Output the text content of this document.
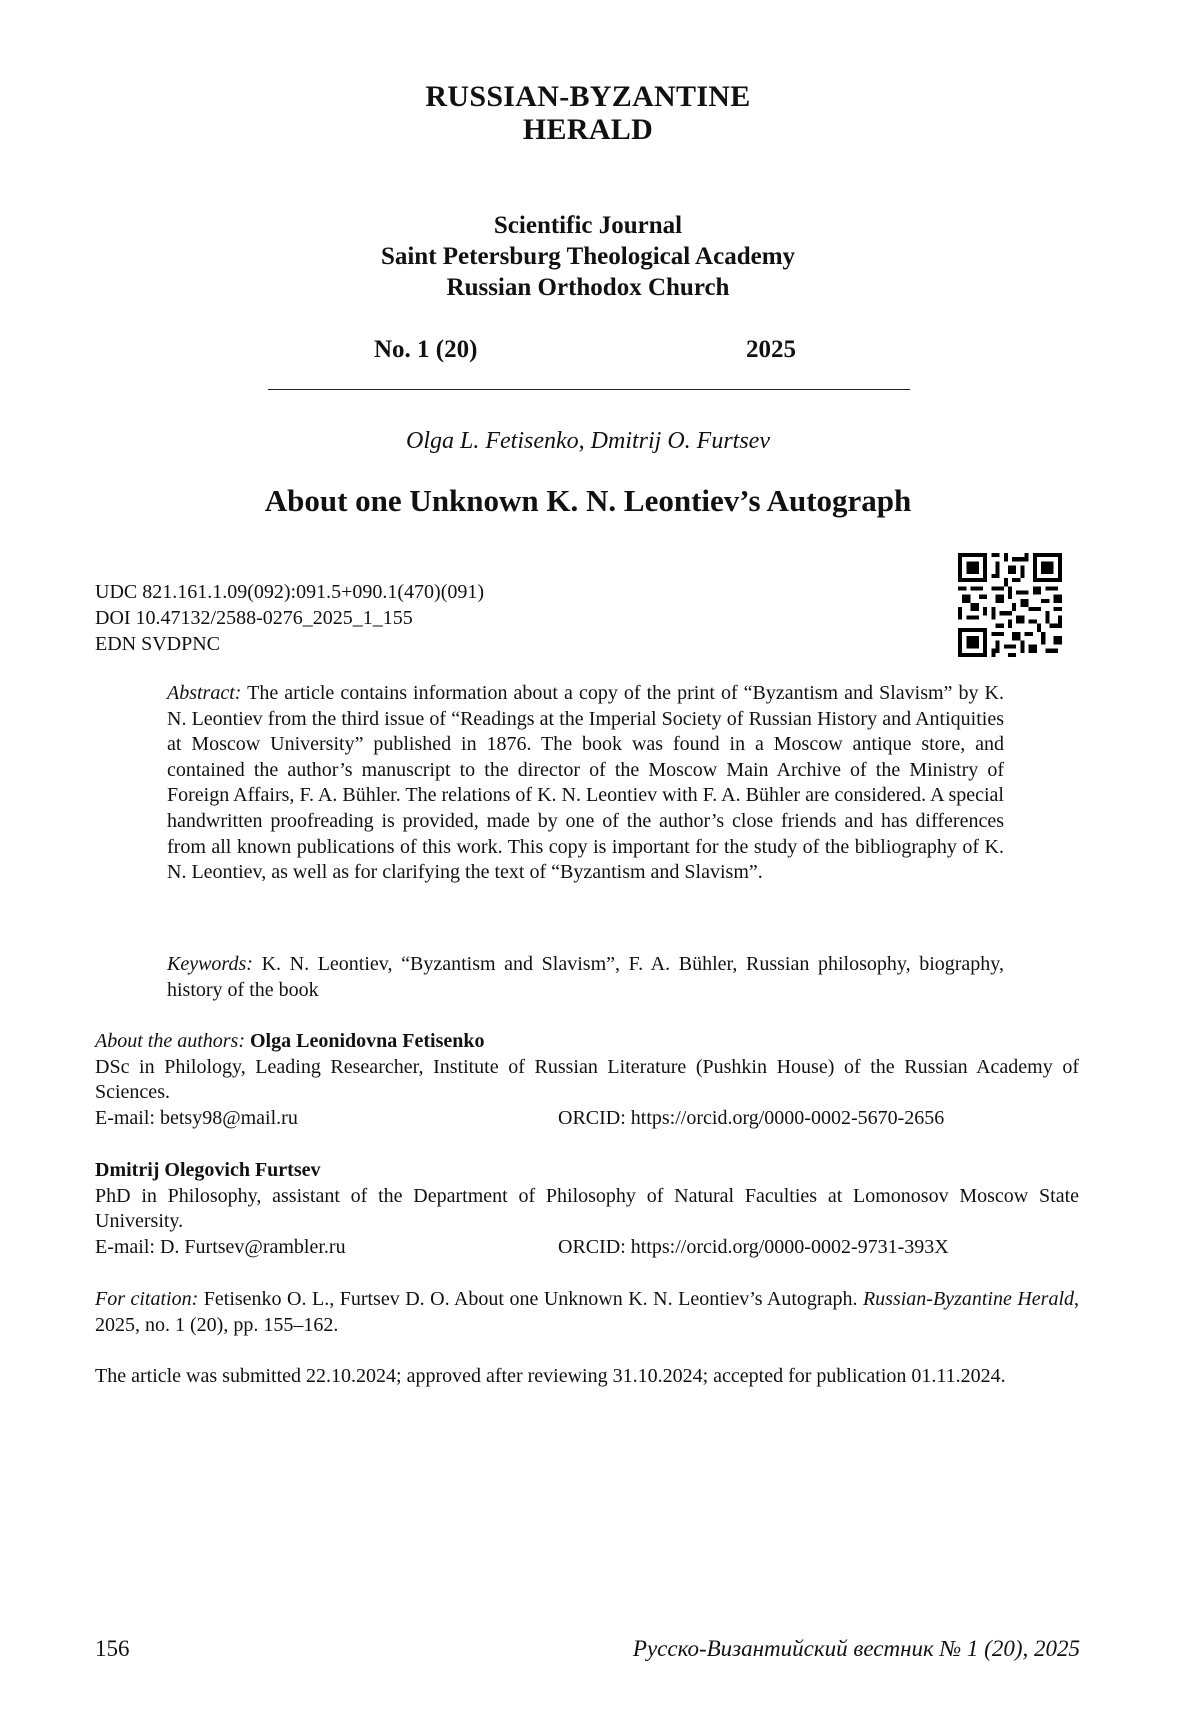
RUSSIAN-BYZANTINE
HERALD
Scientific Journal
Saint Petersburg Theological Academy
Russian Orthodox Church
No. 1 (20)	2025
Olga L. Fetisenko, Dmitrij O. Furtsev
About one Unknown K. N. Leontiev’s Autograph
UDC 821.161.1.09(092):091.5+090.1(470)(091)
DOI 10.47132/2588-0276_2025_1_155
EDN SVDPNC

Abstract: The article contains information about a copy of the print of “Byzantism and Slavism” by K. N. Leontiev from the third issue of “Readings at the Imperial Society of Russian History and Antiquities at Moscow University” published in 1876. The book was found in a Moscow antique store, and contained the author’s manuscript to the director of the Moscow Main Archive of the Ministry of Foreign Affairs, F. A. Bühler. The relations of K. N. Leontiev with F. A. Bühler are considered. A special handwritten proofreading is provided, made by one of the author’s close friends and has differences from all known publications of this work. This copy is important for the study of the bibliography of K. N. Leontiev, as well as for clarifying the text of “Byzantism and Slavism”.

Keywords: K. N. Leontiev, “Byzantism and Slavism”, F. A. Bühler, Russian philosophy, biography, history of the book

About the authors: Olga Leonidovna Fetisenko
DSc in Philology, Leading Researcher, Institute of Russian Literature (Pushkin House) of the Russian Academy of Sciences.
E-mail: betsy98@mail.ru	ORCID: https://orcid.org/0000-0002-5670-2656
Dmitrij Olegovich Furtsev
PhD in Philosophy, assistant of the Department of Philosophy of Natural Faculties at Lomonosov Moscow State University.
E-mail: D. Furtsev@rambler.ru	ORCID: https://orcid.org/0000-0002-9731-393X
For citation: Fetisenko O. L., Furtsev D. O. About one Unknown K. N. Leontiev’s Autograph. Russian-Byzantine Herald, 2025, no. 1 (20), pp. 155–162.
The article was submitted 22.10.2024; approved after reviewing 31.10.2024; accepted for publication 01.11.2024.
156	Русско-Византийский вестник № 1 (20), 2025
